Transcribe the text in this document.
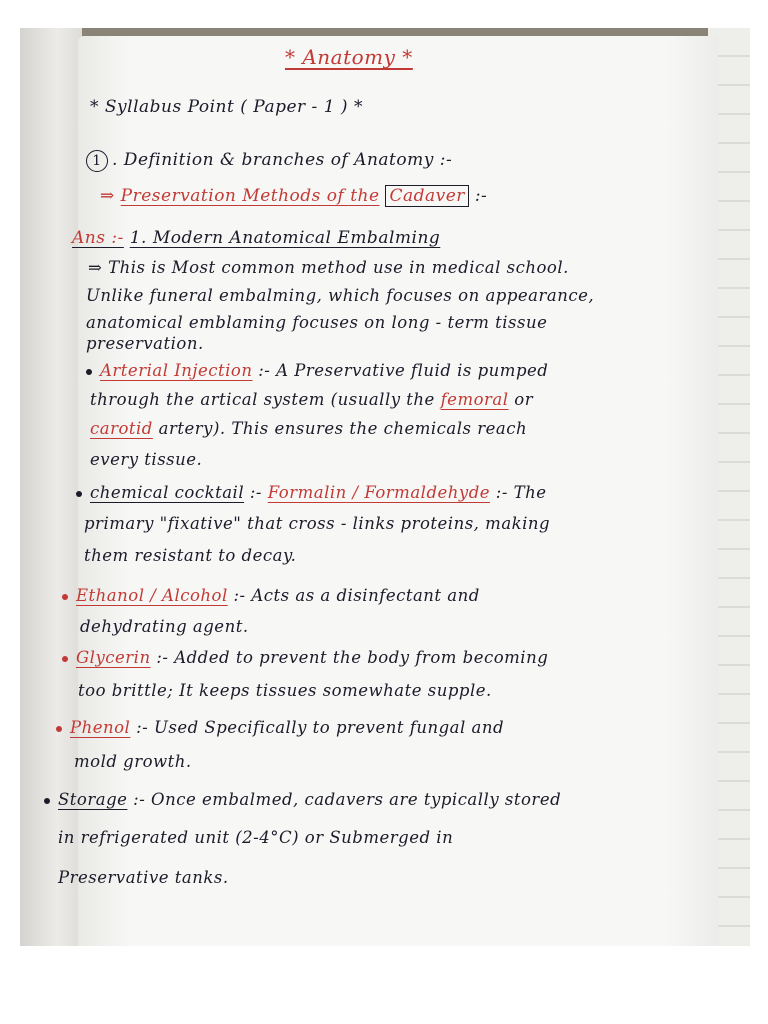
* Anatomy *
* Syllabus Point ( Paper - 1 ) *
1 . Definition & branches of Anatomy :-
⇒ Preservation Methods of the Cadaver :-
Ans :- 1. Modern Anatomical Embalming
⇒ This is Most common method use in medical school.
Unlike funeral embalming, which focuses on appearance,
anatomical emblaming focuses on long - term tissue
preservation.
Arterial Injection :- A Preservative fluid is pumped
through the artical system (usually the femoral or
carotid artery). This ensures the chemicals reach
every tissue.
chemical cocktail :- Formalin / Formaldehyde :- The
primary "fixative" that cross - links proteins, making
them resistant to decay.
Ethanol / Alcohol :- Acts as a disinfectant and
dehydrating agent.
Glycerin :- Added to prevent the body from becoming
too brittle; It keeps tissues somewhate supple.
Phenol :- Used Specifically to prevent fungal and
mold growth.
Storage :- Once embalmed, cadavers are typically stored
in refrigerated unit (2-4°C) or Submerged in
Preservative tanks.
